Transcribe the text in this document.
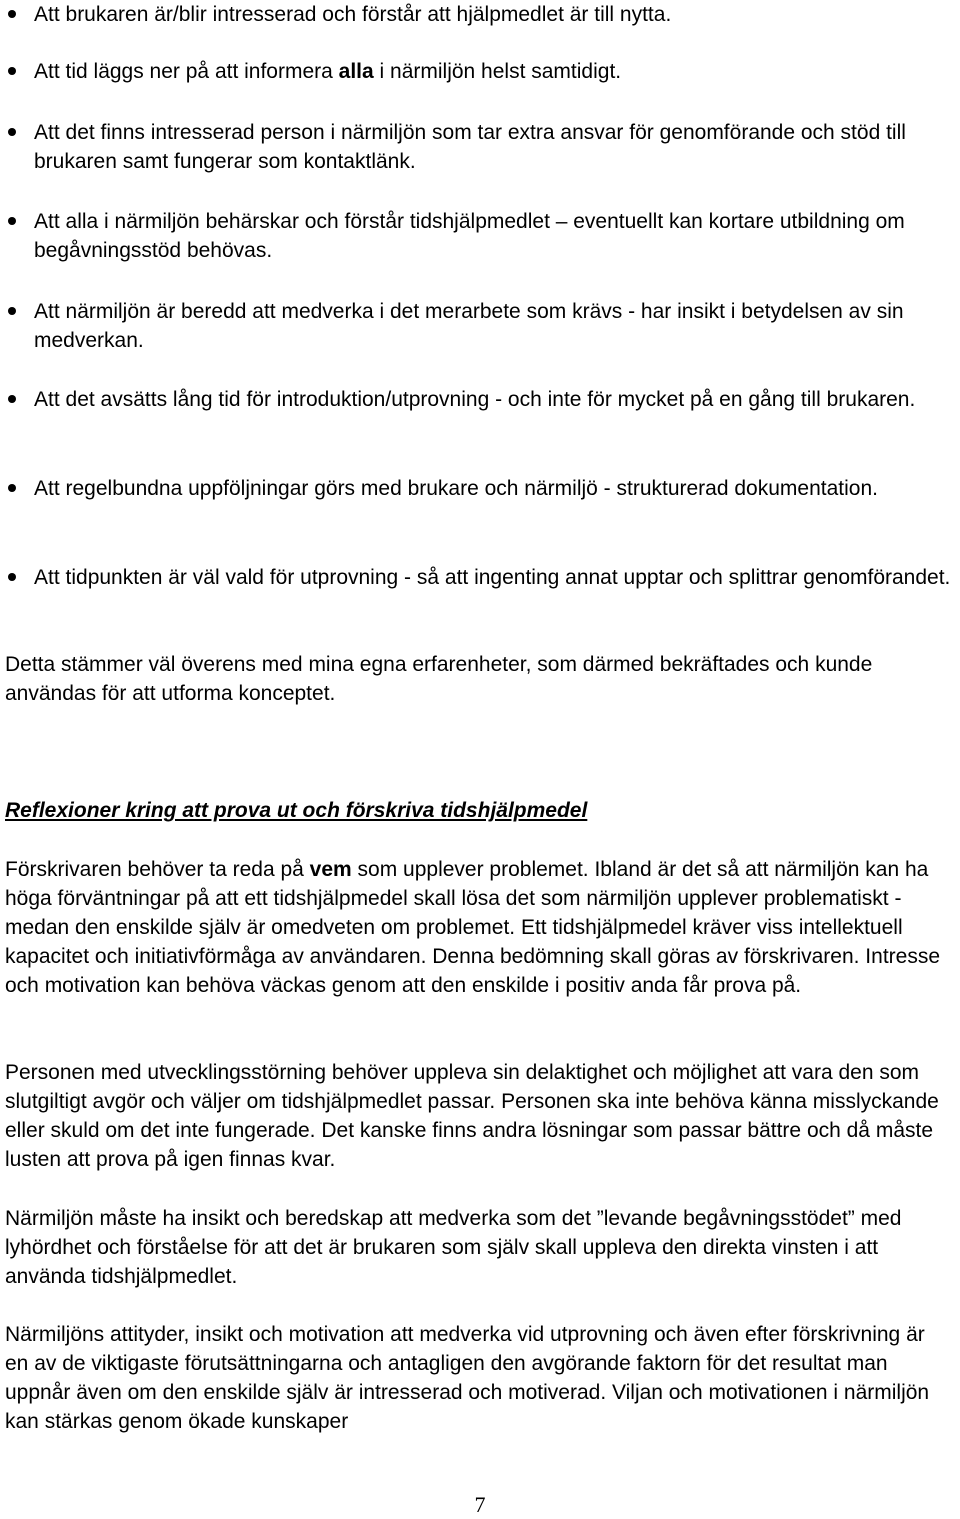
Att brukaren är/blir intresserad och förstår att hjälpmedlet är till nytta.
Att tid läggs ner på att informera alla i närmiljön helst samtidigt.
Att det finns intresserad person i närmiljön som tar extra ansvar för genomförande och stöd till brukaren samt fungerar som kontaktlänk.
Att alla i närmiljön behärskar och förstår tidshjälpmedlet – eventuellt kan kortare utbildning om begåvningsstöd behövas.
Att närmiljön är beredd att medverka i det merarbete som krävs - har insikt i betydelsen av sin medverkan.
Att det avsätts lång tid för introduktion/utprovning - och inte för mycket på en gång till brukaren.
Att regelbundna uppföljningar görs med brukare och närmiljö - strukturerad dokumentation.
Att tidpunkten är väl vald för utprovning - så att ingenting annat upptar och splittrar genomförandet.

Detta stämmer väl överens med mina egna erfarenheter, som därmed bekräftades och kunde användas för att utforma konceptet.

Reflexioner kring att prova ut och förskriva tidshjälpmedel

Förskrivaren behöver ta reda på vem som upplever problemet. Ibland är det så att närmiljön kan ha höga förväntningar på att ett tidshjälpmedel skall lösa det som närmiljön upplever problematiskt - medan den enskilde själv är omedveten om problemet. Ett tidshjälpmedel kräver viss intellektuell kapacitet och initiativförmåga av användaren. Denna bedömning skall göras av förskrivaren. Intresse och motivation kan behöva väckas genom att den enskilde i positiv anda får prova på.

Personen med utvecklingsstörning behöver uppleva sin delaktighet och möjlighet att vara den som slutgiltigt avgör och väljer om tidshjälpmedlet passar. Personen ska inte behöva känna misslyckande eller skuld om det inte fungerade. Det kanske finns andra lösningar som passar bättre och då måste lusten att prova på igen finnas kvar.

Närmiljön måste ha insikt och beredskap att medverka som det ”levande begåvningsstödet” med lyhördhet och förståelse för att det är brukaren som själv skall uppleva den direkta vinsten i att använda tidshjälpmedlet.

Närmiljöns attityder, insikt och motivation att medverka vid utprovning och även efter förskrivning är en av de viktigaste förutsättningarna och antagligen den avgörande faktorn för det resultat man uppnår även om den enskilde själv är intresserad och motiverad. Viljan och motivationen i närmiljön kan stärkas genom ökade kunskaper

7
